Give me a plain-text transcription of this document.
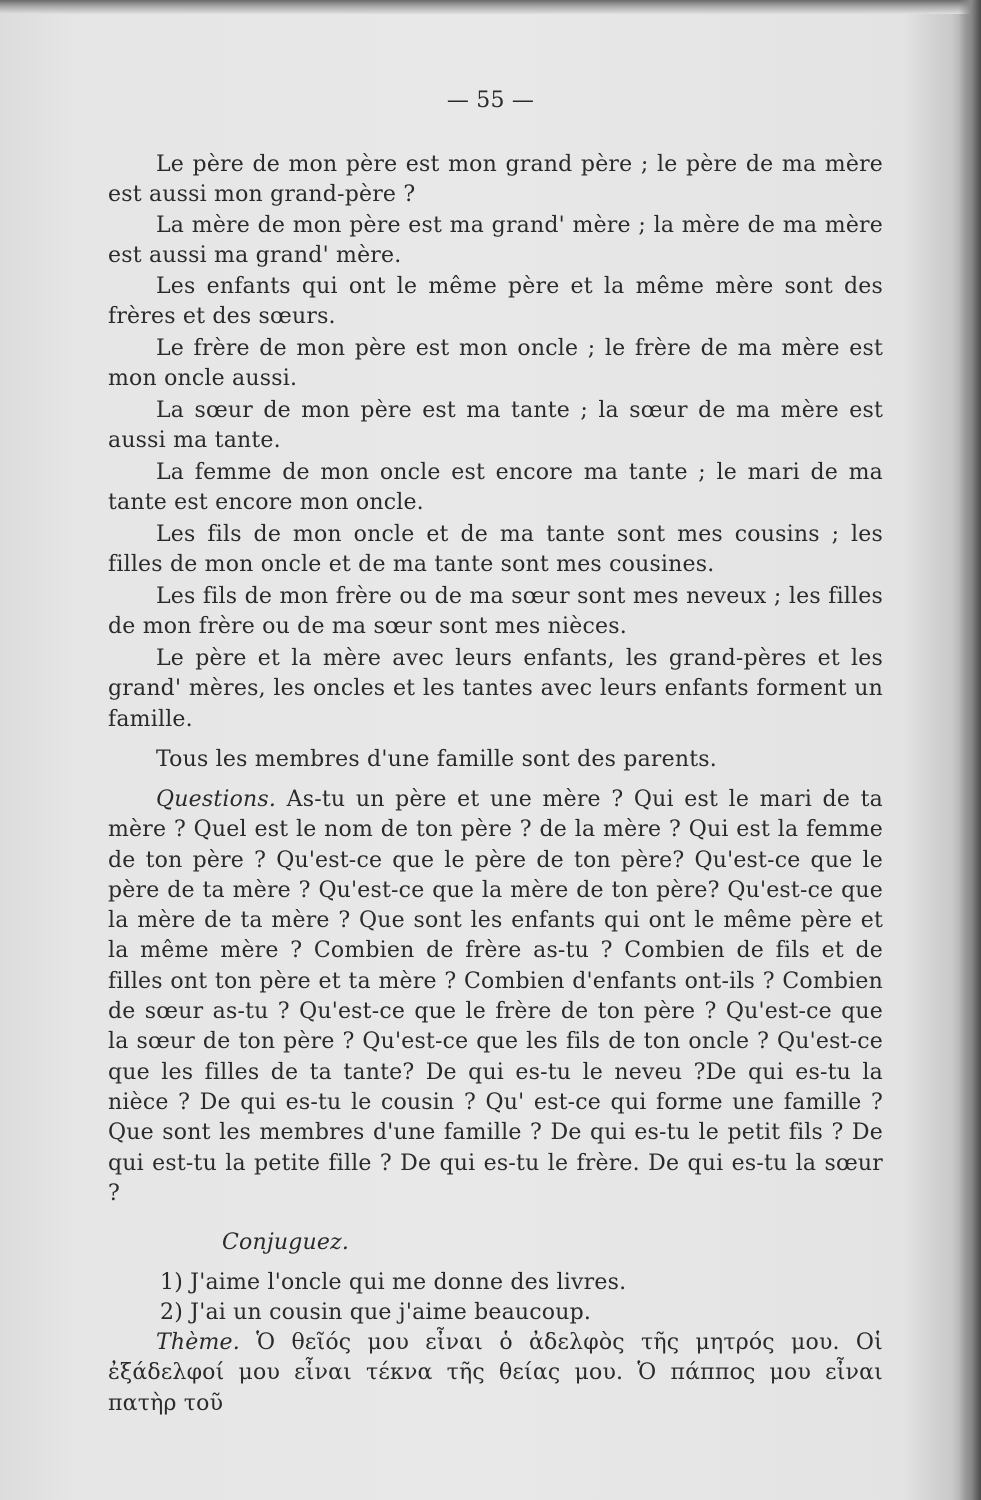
— 55 —

Le père de mon père est mon grand père ; le père de ma mère est aussi mon grand-père ?

La mère de mon père est ma grand' mère ; la mère de ma mère est aussi ma grand' mère.

Les enfants qui ont le même père et la même mère sont des frères et des sœurs.

Le frère de mon père est mon oncle ; le frère de ma mère est mon oncle aussi.

La sœur de mon père est ma tante ; la sœur de ma mère est aussi ma tante.

La femme de mon oncle est encore ma tante ; le mari de ma tante est encore mon oncle.

Les fils de mon oncle et de ma tante sont mes cousins ; les filles de mon oncle et de ma tante sont mes cousines.

Les fils de mon frère ou de ma sœur sont mes neveux ; les filles de mon frère ou de ma sœur sont mes nièces.

Le père et la mère avec leurs enfants, les grand-pères et les grand' mères, les oncles et les tantes avec leurs enfants forment un famille.

Tous les membres d'une famille sont des parents.

Questions. As-tu un père et une mère ? Qui est le mari de ta mère ? Quel est le nom de ton père ? de la mère ? Qui est la femme de ton père ? Qu'est-ce que le père de ton père? Qu'est-ce que le père de ta mère ? Qu'est-ce que la mère de ton père? Qu'est-ce que la mère de ta mère ? Que sont les enfants qui ont le même père et la même mère ? Combien de frère as-tu ? Combien de fils et de filles ont ton père et ta mère ? Combien d'enfants ont-ils ? Combien de sœur as-tu ? Qu'est-ce que le frère de ton père ? Qu'est-ce que la sœur de ton père ? Qu'est-ce que les fils de ton oncle ? Qu'est-ce que les filles de ta tante? De qui es-tu le neveu ?De qui es-tu la nièce ? De qui es-tu le cousin ? Qu' est-ce qui forme une famille ? Que sont les membres d'une famille ? De qui es-tu le petit fils ? De qui est-tu la petite fille ? De qui es-tu le frère. De qui es-tu la sœur ?

Conjuguez.
1) J'aime l'oncle qui me donne des livres.
2) J'ai un cousin que j'aime beaucoup.

Thème. Ὁ θεῖός μου εἶναι ὁ ἀδελφὸς τῆς μητρός μου. Οἱ ἐξάδελφοί μου εἶναι τέκνα τῆς θείας μου. Ὁ πάππος μου εἶναι πατὴρ τοῦ
